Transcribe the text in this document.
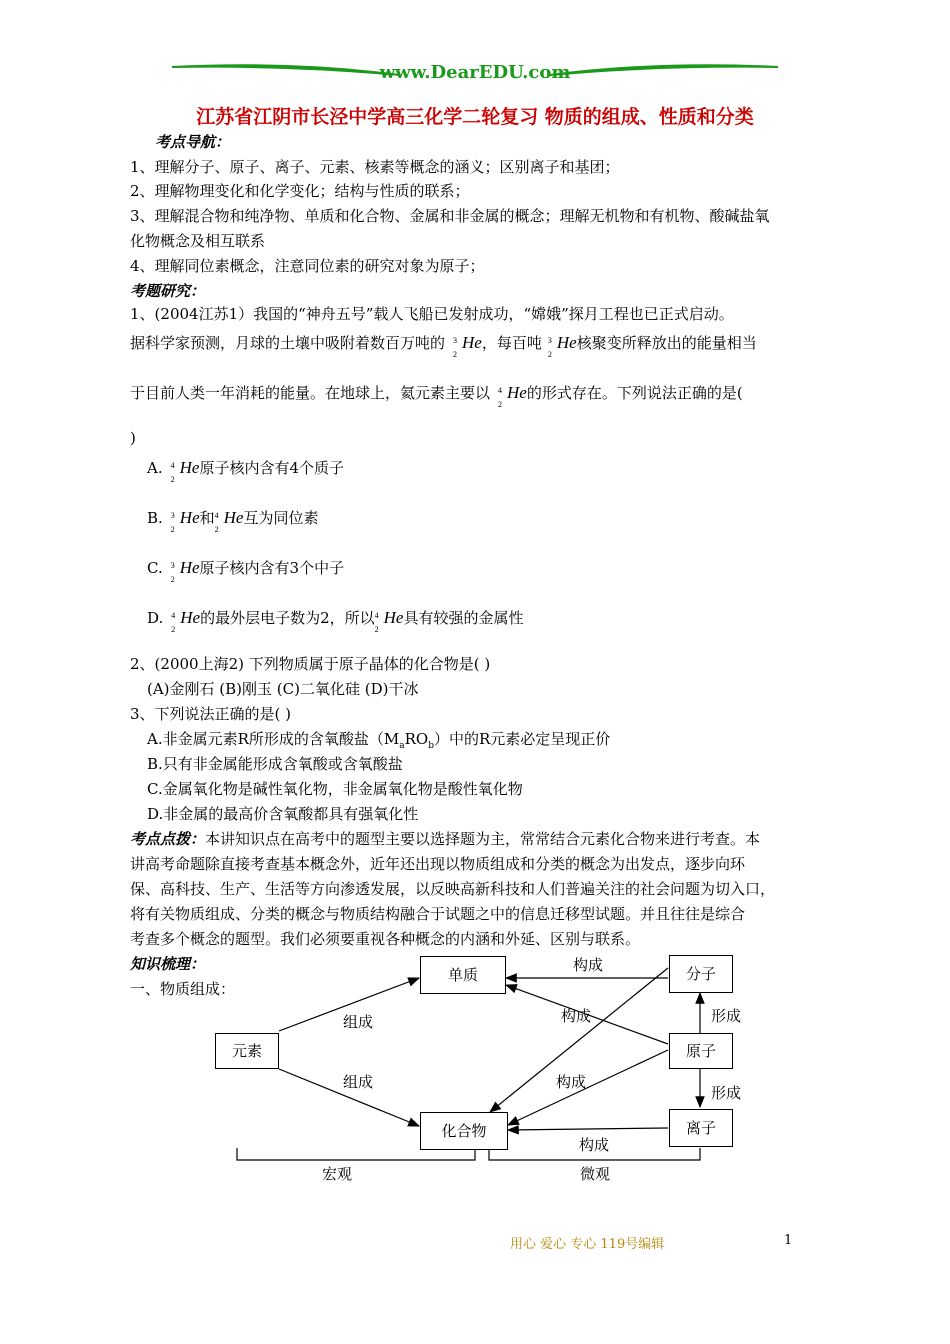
www.DearEDU.com
江苏省江阴市长泾中学高三化学二轮复习 物质的组成、性质和分类
考点导航：
1、理解分子、原子、离子、元素、核素等概念的涵义；区别离子和基团；
2、理解物理变化和化学变化；结构与性质的联系；
3、理解混合物和纯净物、单质和化合物、金属和非金属的概念；理解无机物和有机物、酸碱盐氧
化物概念及相互联系
4、理解同位素概念，注意同位素的研究对象为原子；
考题研究：
1、(2004江苏1）我国的“神舟五号”载人飞船已发射成功，“嫦娥”探月工程也已正式启动。
据科学家预测，月球的土壤中吸附着数百万吨的 3
2
He，每百吨 3
2
He核聚变所释放出的能量相当
于目前人类一年消耗的能量。在地球上，氦元素主要以 4
2
He的形式存在。下列说法正确的是(
)
A. 4
2
He原子核内含有4个质子
B. 3
2
He和 4
2
He互为同位素
C. 3
2
He原子核内含有3个中子
D. 4
2
He的最外层电子数为2，所以 4
2
He具有较强的金属性
2、(2000上海2) 下列物质属于原子晶体的化合物是( )
(A)金刚石 (B)刚玉 (C)二氧化硅 (D)干冰
3、下列说法正确的是( )
A.非金属元素R所形成的含氧酸盐$(M_aRO_b)$中的R元素必定呈现正价
B.只有非金属能形成含氧酸或含氧酸盐
C.金属氧化物是碱性氧化物，非金属氧化物是酸性氧化物
D.非金属的最高价含氧酸都具有强氧化性
考点点拨：本讲知识点在高考中的题型主要以选择题为主，常常结合元素化合物来进行考查。本
讲高考命题除直接考查基本概念外，近年还出现以物质组成和分类的概念为出发点，逐步向环
保、高科技、生产、生活等方向渗透发展，以反映高新科技和人们普遍关注的社会问题为切入口，
将有关物质组成、分类的概念与物质结构融合于试题之中的信息迁移型试题。并且往往是综合
考查多个概念的题型。我们必须要重视各种概念的内涵和外延、区别与联系。
知识梳理：
一、物质组成：
单质
元素
化合物
分子
原子
离子
组成
组成
构成
构成
构成
构成
形成
形成
宏观	微观
用心 爱心 专心 119号编辑	1
